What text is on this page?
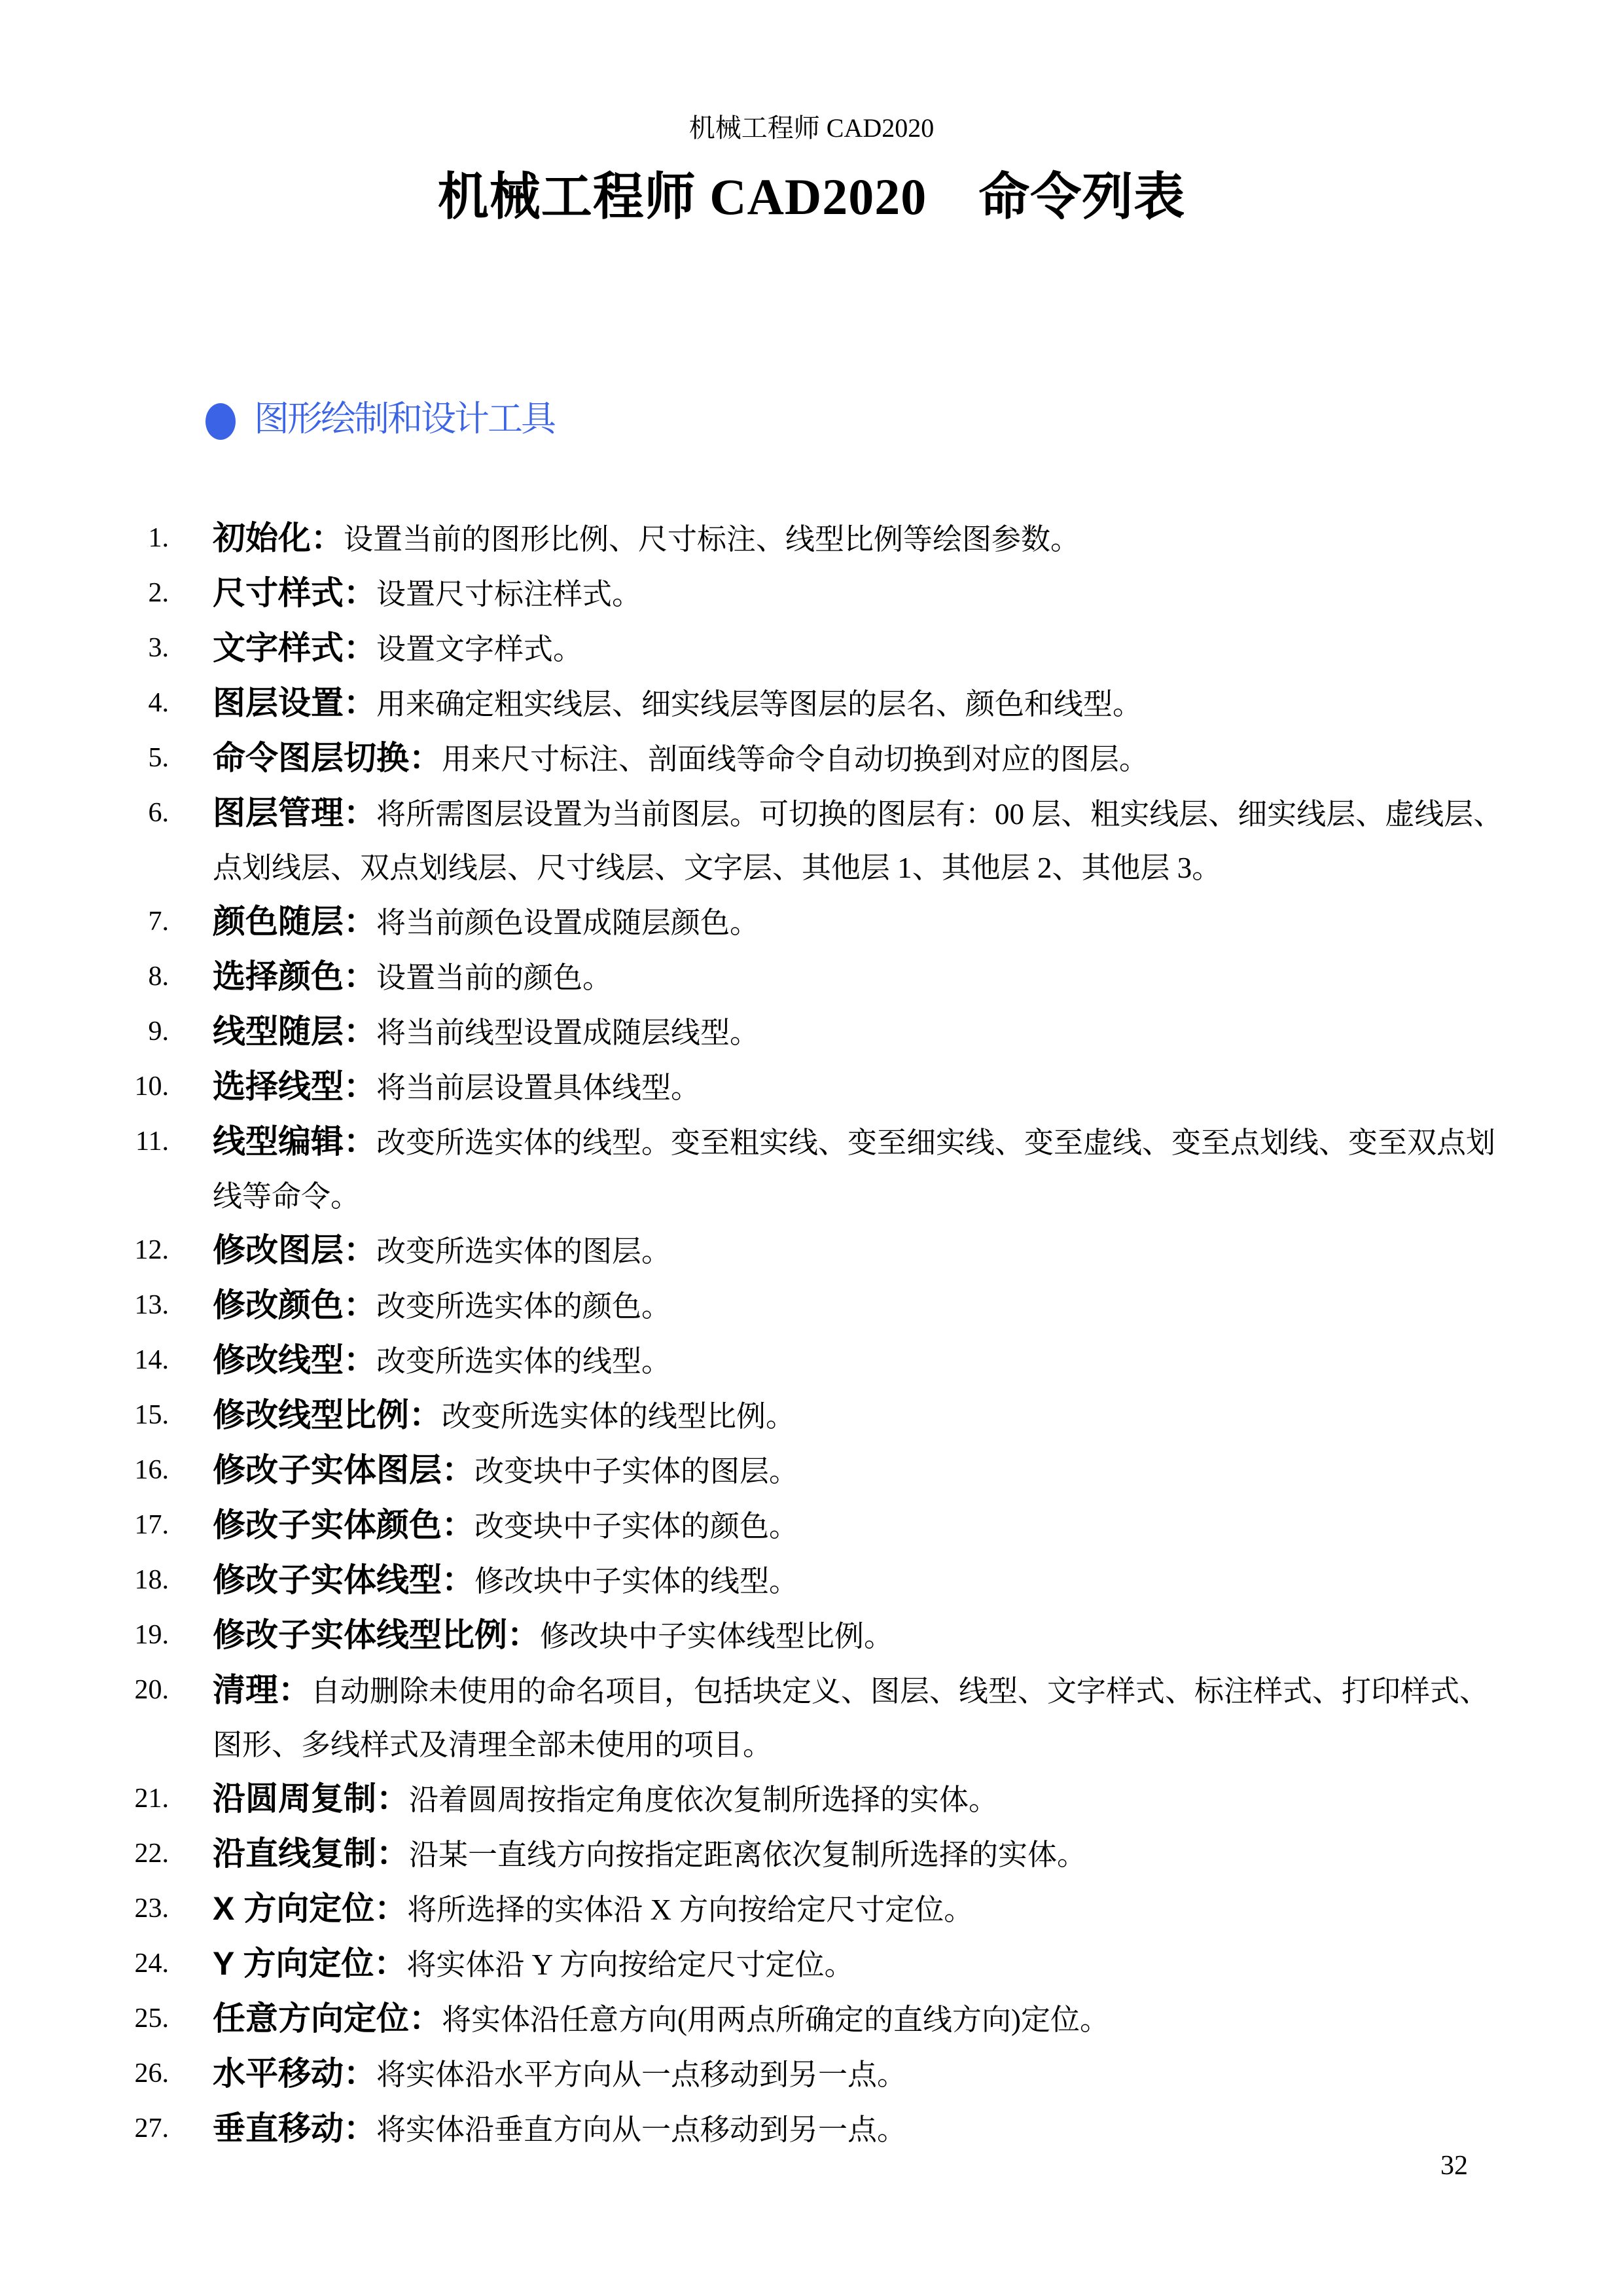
机械工程师 CAD2020
机械工程师 CAD2020　命令列表
图形绘制和设计工具
1. 初始化：设置当前的图形比例、尺寸标注、线型比例等绘图参数。
2. 尺寸样式：设置尺寸标注样式。
3. 文字样式：设置文字样式。
4. 图层设置：用来确定粗实线层、细实线层等图层的层名、颜色和线型。
5. 命令图层切换：用来尺寸标注、剖面线等命令自动切换到对应的图层。
6. 图层管理：将所需图层设置为当前图层。可切换的图层有：00 层、粗实线层、细实线层、虚线层、点划线层、双点划线层、尺寸线层、文字层、其他层 1、其他层 2、其他层 3。
7. 颜色随层：将当前颜色设置成随层颜色。
8. 选择颜色：设置当前的颜色。
9. 线型随层：将当前线型设置成随层线型。
10. 选择线型：将当前层设置具体线型。
11. 线型编辑：改变所选实体的线型。变至粗实线、变至细实线、变至虚线、变至点划线、变至双点划线等命令。
12. 修改图层：改变所选实体的图层。
13. 修改颜色：改变所选实体的颜色。
14. 修改线型：改变所选实体的线型。
15. 修改线型比例：改变所选实体的线型比例。
16. 修改子实体图层：改变块中子实体的图层。
17. 修改子实体颜色：改变块中子实体的颜色。
18. 修改子实体线型：修改块中子实体的线型。
19. 修改子实体线型比例：修改块中子实体线型比例。
20. 清理：自动删除未使用的命名项目，包括块定义、图层、线型、文字样式、标注样式、打印样式、图形、多线样式及清理全部未使用的项目。
21. 沿圆周复制：沿着圆周按指定角度依次复制所选择的实体。
22. 沿直线复制：沿某一直线方向按指定距离依次复制所选择的实体。
23. X 方向定位：将所选择的实体沿 X 方向按给定尺寸定位。
24. Y 方向定位：将实体沿 Y 方向按给定尺寸定位。
25. 任意方向定位：将实体沿任意方向(用两点所确定的直线方向)定位。
26. 水平移动：将实体沿水平方向从一点移动到另一点。
27. 垂直移动：将实体沿垂直方向从一点移动到另一点。
32
